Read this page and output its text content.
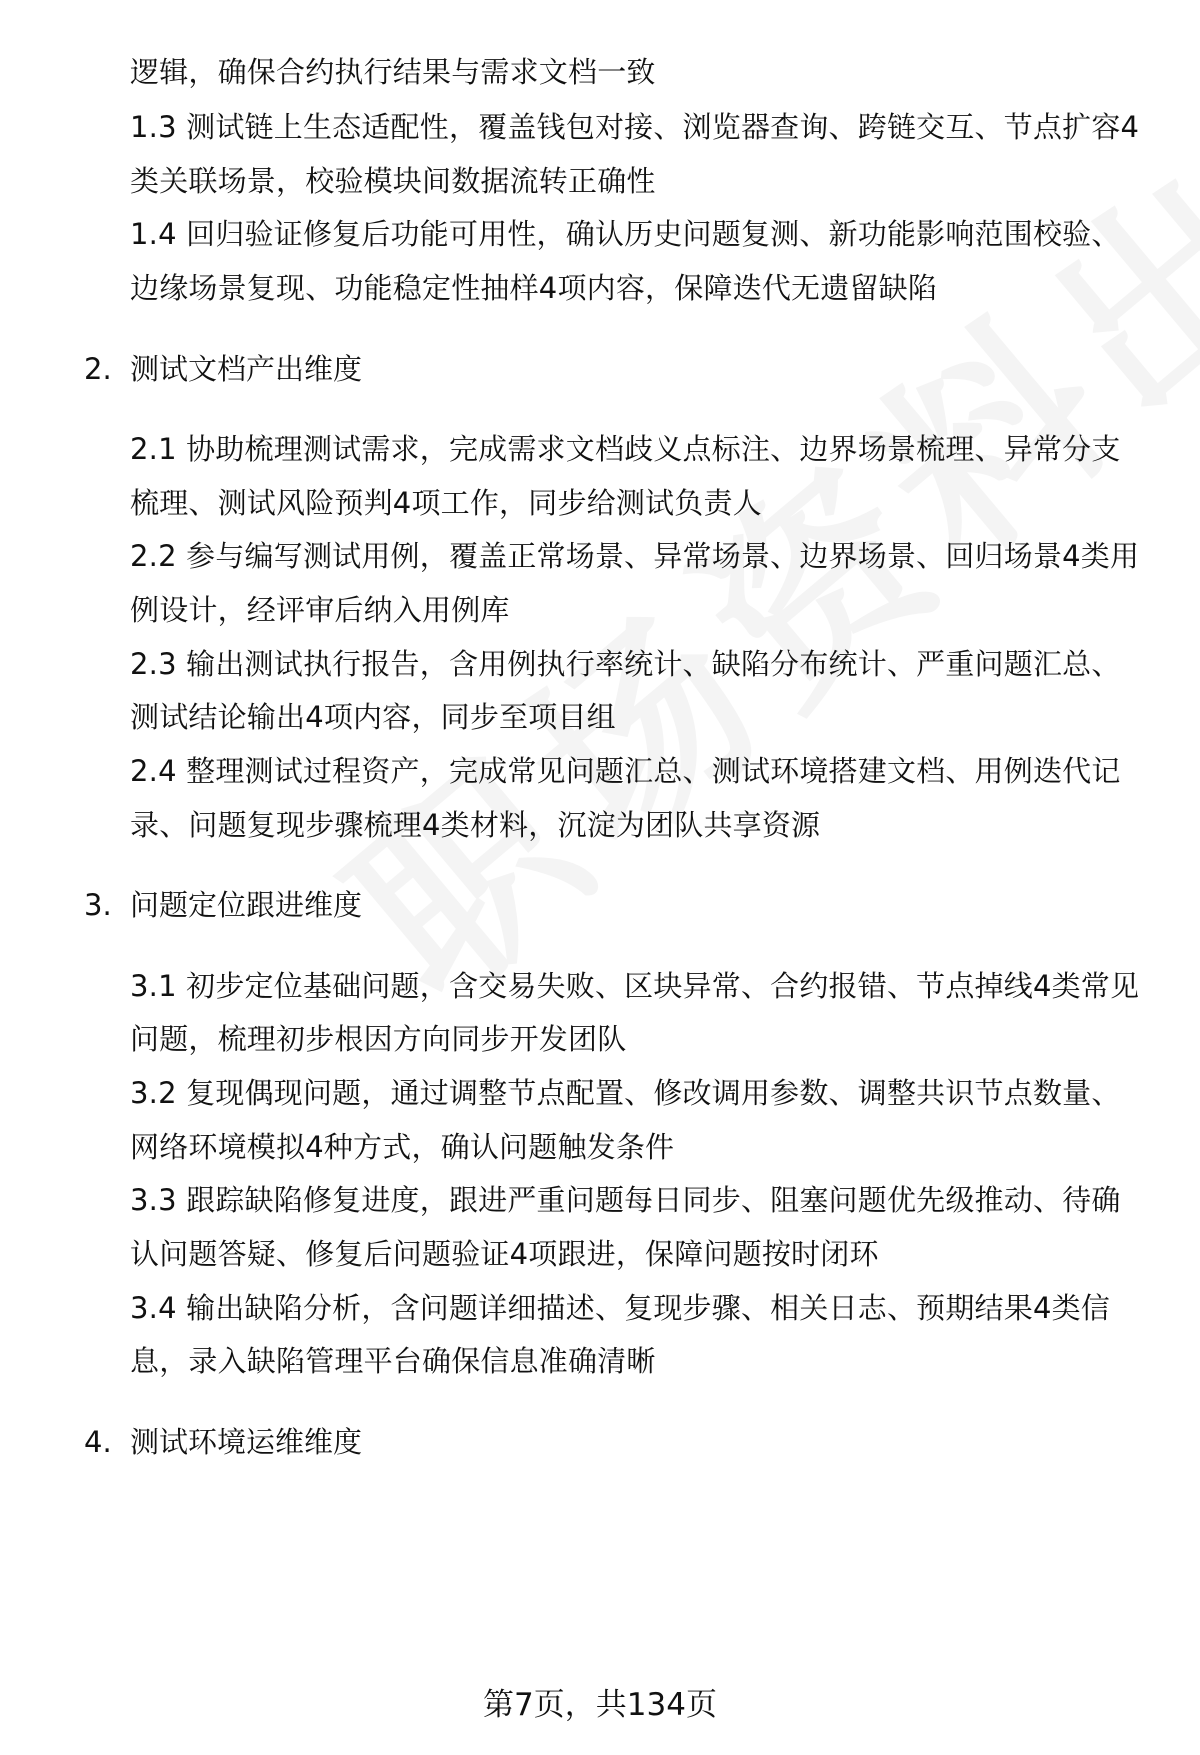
逻辑，确保合约执行结果与需求文档一致
1.3 测试链上生态适配性，覆盖钱包对接、浏览器查询、跨链交互、节点扩容4
类关联场景，校验模块间数据流转正确性
1.4 回归验证修复后功能可用性，确认历史问题复测、新功能影响范围校验、
边缘场景复现、功能稳定性抽样4项内容，保障迭代无遗留缺陷
2. 测试文档产出维度
2.1 协助梳理测试需求，完成需求文档歧义点标注、边界场景梳理、异常分支
梳理、测试风险预判4项工作，同步给测试负责人
2.2 参与编写测试用例，覆盖正常场景、异常场景、边界场景、回归场景4类用
例设计，经评审后纳入用例库
2.3 输出测试执行报告，含用例执行率统计、缺陷分布统计、严重问题汇总、
测试结论输出4项内容，同步至项目组
2.4 整理测试过程资产，完成常见问题汇总、测试环境搭建文档、用例迭代记
录、问题复现步骤梳理4类材料，沉淀为团队共享资源
3. 问题定位跟进维度
3.1 初步定位基础问题，含交易失败、区块异常、合约报错、节点掉线4类常见
问题，梳理初步根因方向同步开发团队
3.2 复现偶现问题，通过调整节点配置、修改调用参数、调整共识节点数量、
网络环境模拟4种方式，确认问题触发条件
3.3 跟踪缺陷修复进度，跟进严重问题每日同步、阻塞问题优先级推动、待确
认问题答疑、修复后问题验证4项跟进，保障问题按时闭环
3.4 输出缺陷分析，含问题详细描述、复现步骤、相关日志、预期结果4类信
息，录入缺陷管理平台确保信息准确清晰
4. 测试环境运维维度
第7页，共134页
